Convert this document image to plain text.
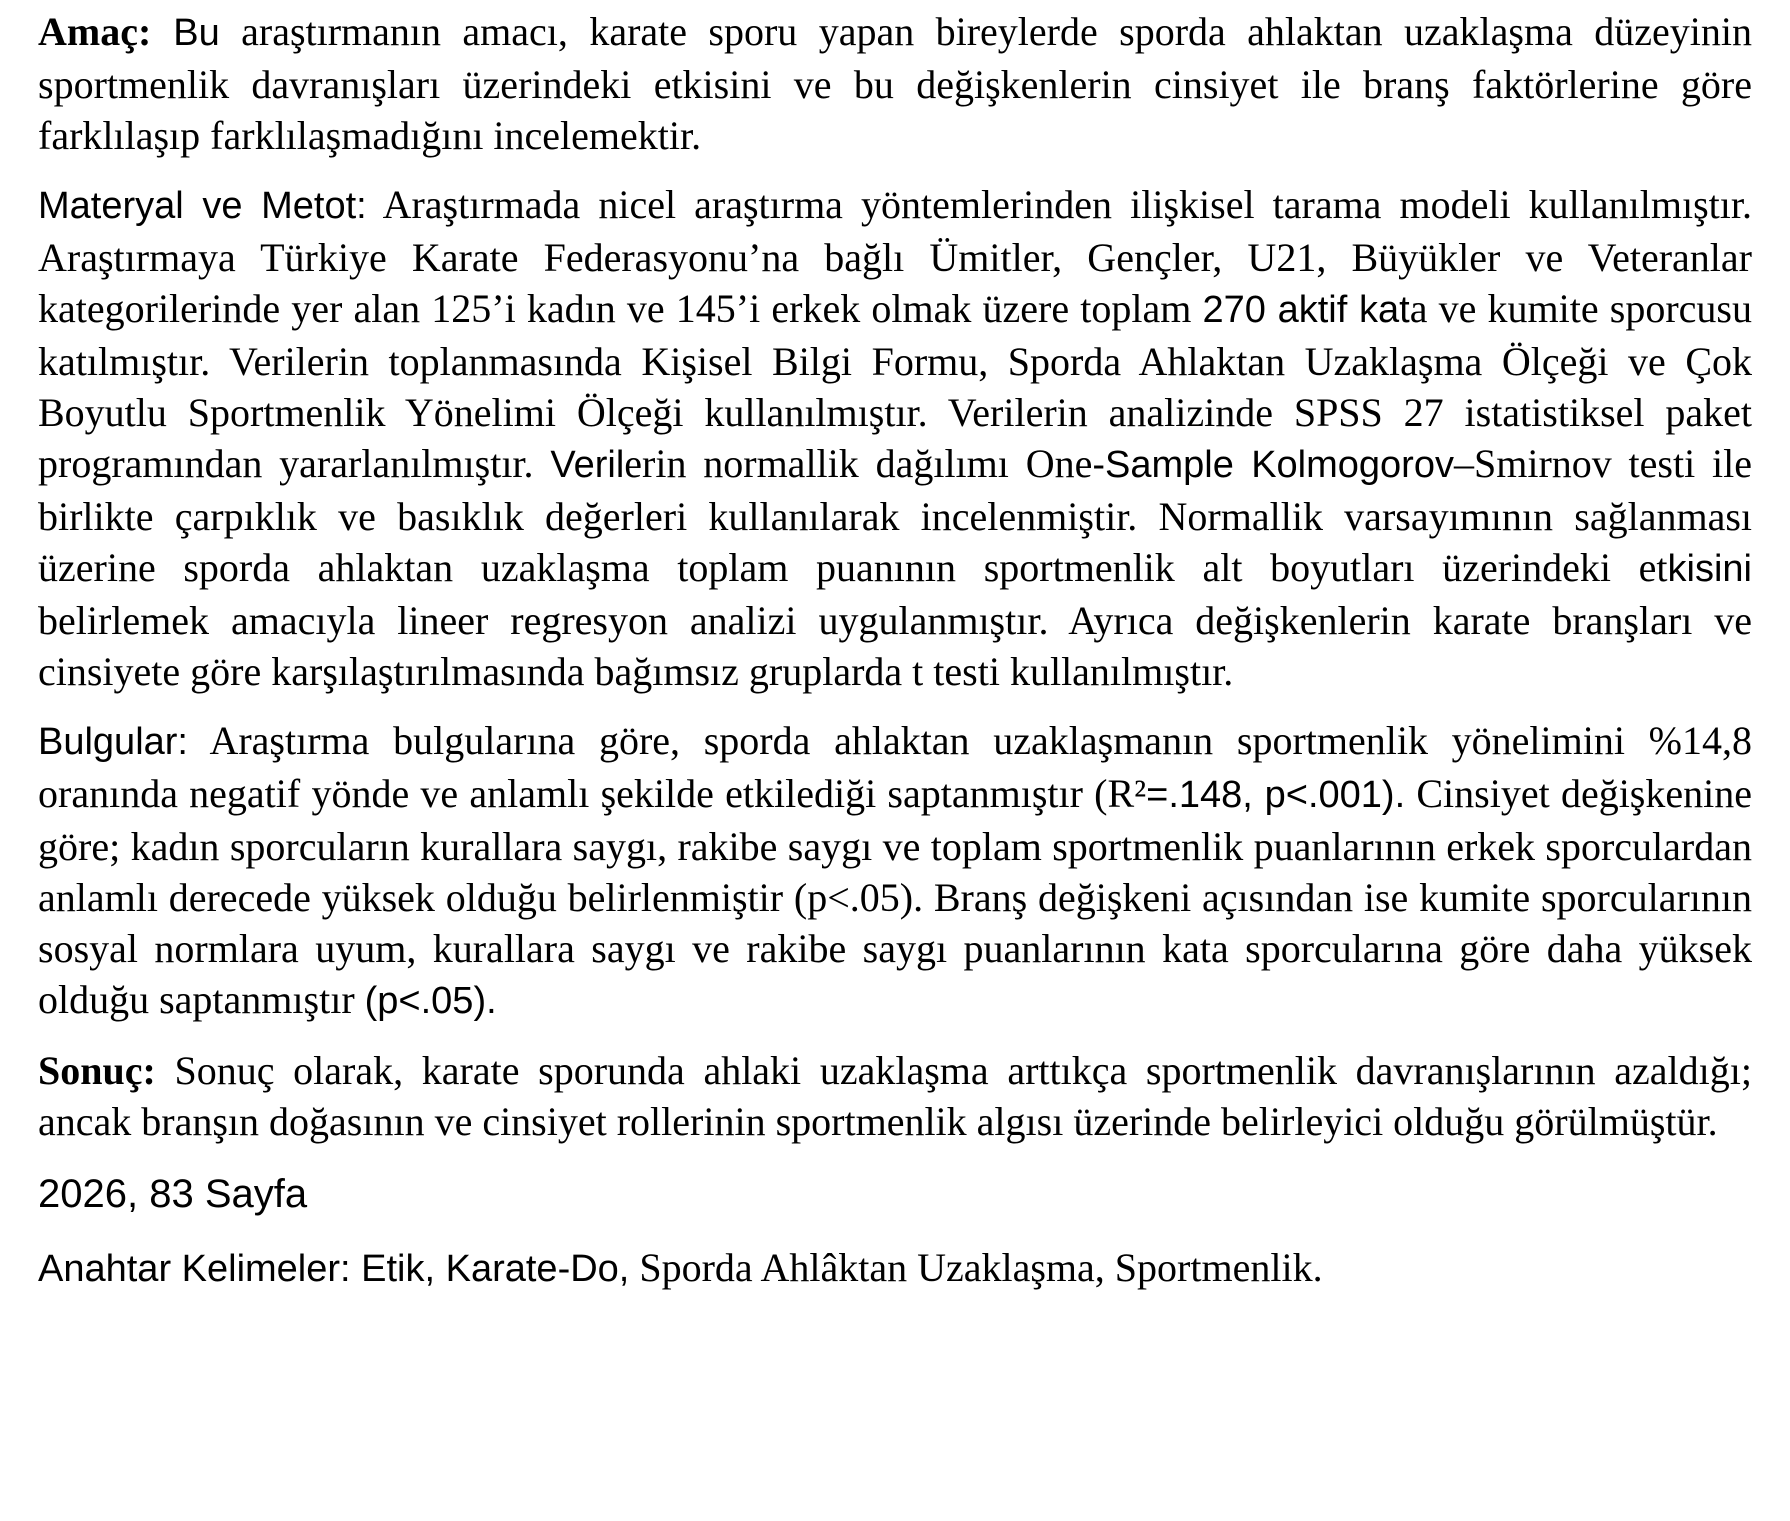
Amaç: Bu araştırmanın amacı, karate sporu yapan bireylerde sporda ahlaktan uzaklaşma düzeyinin sportmenlik davranışları üzerindeki etkisini ve bu değişkenlerin cinsiyet ile branş faktörlerine göre farklılaşıp farklılaşmadığını incelemektir.

Materyal ve Metot: Araştırmada nicel araştırma yöntemlerinden ilişkisel tarama modeli kullanılmıştır. Araştırmaya Türkiye Karate Federasyonu’na bağlı Ümitler, Gençler, U21, Büyükler ve Veteranlar kategorilerinde yer alan 125’i kadın ve 145’i erkek olmak üzere toplam 270 aktif kata ve kumite sporcusu katılmıştır. Verilerin toplanmasında Kişisel Bilgi Formu, Sporda Ahlaktan Uzaklaşma Ölçeği ve Çok Boyutlu Sportmenlik Yönelimi Ölçeği kullanılmıştır. Verilerin analizinde SPSS 27 istatistiksel paket programından yararlanılmıştır. Verilerin normallik dağılımı One-Sample Kolmogorov–Smirnov testi ile birlikte çarpıklık ve basıklık değerleri kullanılarak incelenmiştir. Normallik varsayımının sağlanması üzerine sporda ahlaktan uzaklaşma toplam puanının sportmenlik alt boyutları üzerindeki etkisini belirlemek amacıyla lineer regresyon analizi uygulanmıştır. Ayrıca değişkenlerin karate branşları ve cinsiyete göre karşılaştırılmasında bağımsız gruplarda t testi kullanılmıştır.

Bulgular: Araştırma bulgularına göre, sporda ahlaktan uzaklaşmanın sportmenlik yönelimini %14,8 oranında negatif yönde ve anlamlı şekilde etkilediği saptanmıştır (R²=.148, p<.001). Cinsiyet değişkenine göre; kadın sporcuların kurallara saygı, rakibe saygı ve toplam sportmenlik puanlarının erkek sporculardan anlamlı derecede yüksek olduğu belirlenmiştir (p<.05). Branş değişkeni açısından ise kumite sporcularının sosyal normlara uyum, kurallara saygı ve rakibe saygı puanlarının kata sporcularına göre daha yüksek olduğu saptanmıştır (p<.05).

Sonuç: Sonuç olarak, karate sporunda ahlaki uzaklaşma arttıkça sportmenlik davranışlarının azaldığı; ancak branşın doğasının ve cinsiyet rollerinin sportmenlik algısı üzerinde belirleyici olduğu görülmüştür.

2026, 83 Sayfa

Anahtar Kelimeler: Etik, Karate-Do, Sporda Ahlâktan Uzaklaşma, Sportmenlik.
